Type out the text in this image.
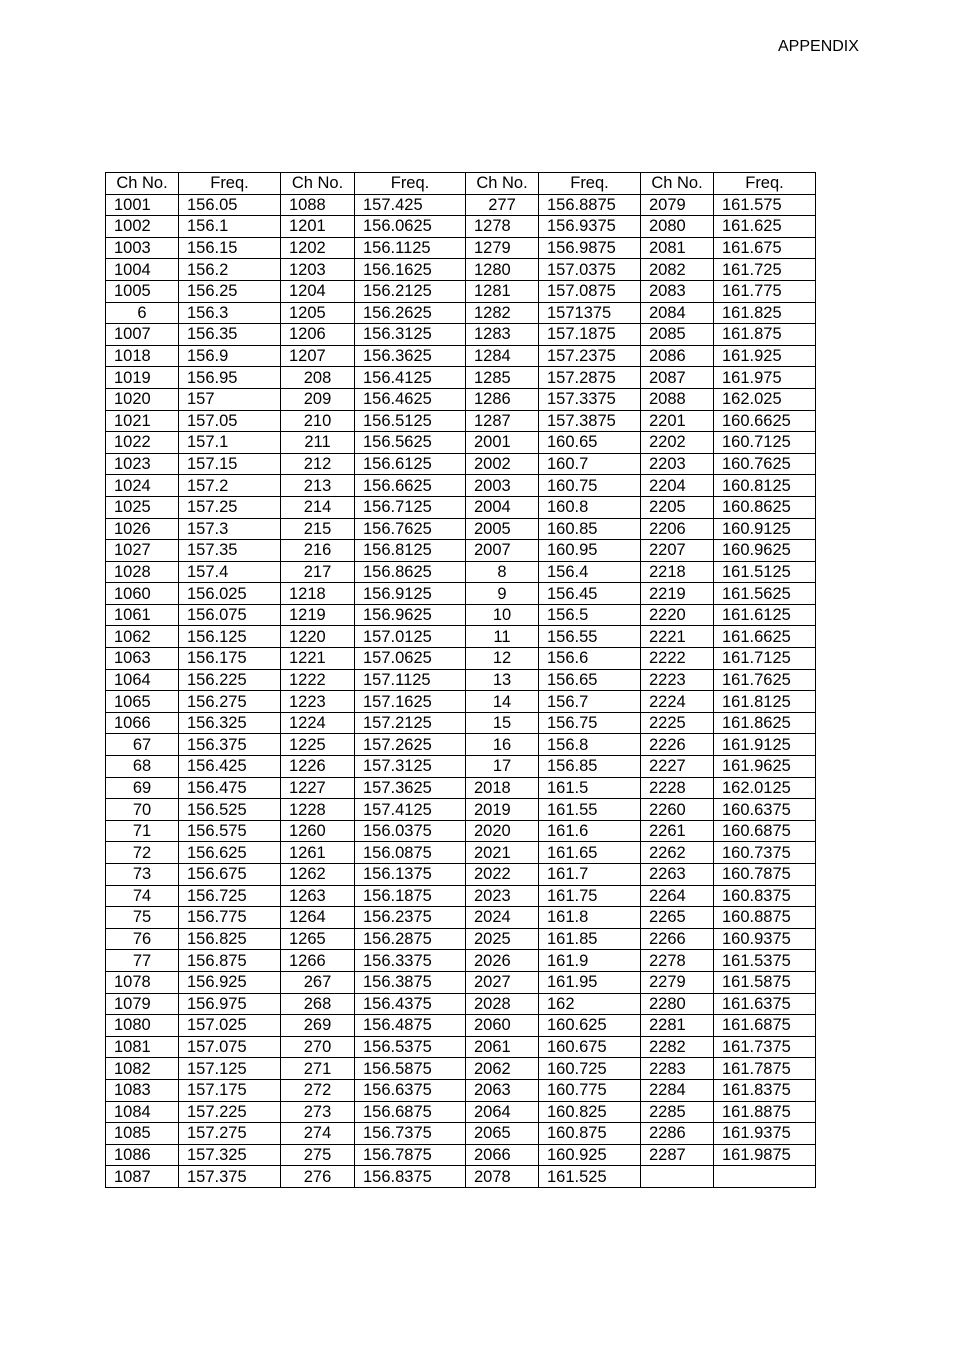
APPENDIX
Ch No.	Freq.	Ch No.	Freq.	Ch No.	Freq.	Ch No.	Freq.
1001	156.05	1088	157.425	277	156.8875	2079	161.575
1002	156.1	1201	156.0625	1278	156.9375	2080	161.625
1003	156.15	1202	156.1125	1279	156.9875	2081	161.675
1004	156.2	1203	156.1625	1280	157.0375	2082	161.725
1005	156.25	1204	156.2125	1281	157.0875	2083	161.775
6	156.3	1205	156.2625	1282	1571375	2084	161.825
1007	156.35	1206	156.3125	1283	157.1875	2085	161.875
1018	156.9	1207	156.3625	1284	157.2375	2086	161.925
1019	156.95	208	156.4125	1285	157.2875	2087	161.975
1020	157	209	156.4625	1286	157.3375	2088	162.025
1021	157.05	210	156.5125	1287	157.3875	2201	160.6625
1022	157.1	211	156.5625	2001	160.65	2202	160.7125
1023	157.15	212	156.6125	2002	160.7	2203	160.7625
1024	157.2	213	156.6625	2003	160.75	2204	160.8125
1025	157.25	214	156.7125	2004	160.8	2205	160.8625
1026	157.3	215	156.7625	2005	160.85	2206	160.9125
1027	157.35	216	156.8125	2007	160.95	2207	160.9625
1028	157.4	217	156.8625	8	156.4	2218	161.5125
1060	156.025	1218	156.9125	9	156.45	2219	161.5625
1061	156.075	1219	156.9625	10	156.5	2220	161.6125
1062	156.125	1220	157.0125	11	156.55	2221	161.6625
1063	156.175	1221	157.0625	12	156.6	2222	161.7125
1064	156.225	1222	157.1125	13	156.65	2223	161.7625
1065	156.275	1223	157.1625	14	156.7	2224	161.8125
1066	156.325	1224	157.2125	15	156.75	2225	161.8625
67	156.375	1225	157.2625	16	156.8	2226	161.9125
68	156.425	1226	157.3125	17	156.85	2227	161.9625
69	156.475	1227	157.3625	2018	161.5	2228	162.0125
70	156.525	1228	157.4125	2019	161.55	2260	160.6375
71	156.575	1260	156.0375	2020	161.6	2261	160.6875
72	156.625	1261	156.0875	2021	161.65	2262	160.7375
73	156.675	1262	156.1375	2022	161.7	2263	160.7875
74	156.725	1263	156.1875	2023	161.75	2264	160.8375
75	156.775	1264	156.2375	2024	161.8	2265	160.8875
76	156.825	1265	156.2875	2025	161.85	2266	160.9375
77	156.875	1266	156.3375	2026	161.9	2278	161.5375
1078	156.925	267	156.3875	2027	161.95	2279	161.5875
1079	156.975	268	156.4375	2028	162	2280	161.6375
1080	157.025	269	156.4875	2060	160.625	2281	161.6875
1081	157.075	270	156.5375	2061	160.675	2282	161.7375
1082	157.125	271	156.5875	2062	160.725	2283	161.7875
1083	157.175	272	156.6375	2063	160.775	2284	161.8375
1084	157.225	273	156.6875	2064	160.825	2285	161.8875
1085	157.275	274	156.7375	2065	160.875	2286	161.9375
1086	157.325	275	156.7875	2066	160.925	2287	161.9875
1087	157.375	276	156.8375	2078	161.525		
